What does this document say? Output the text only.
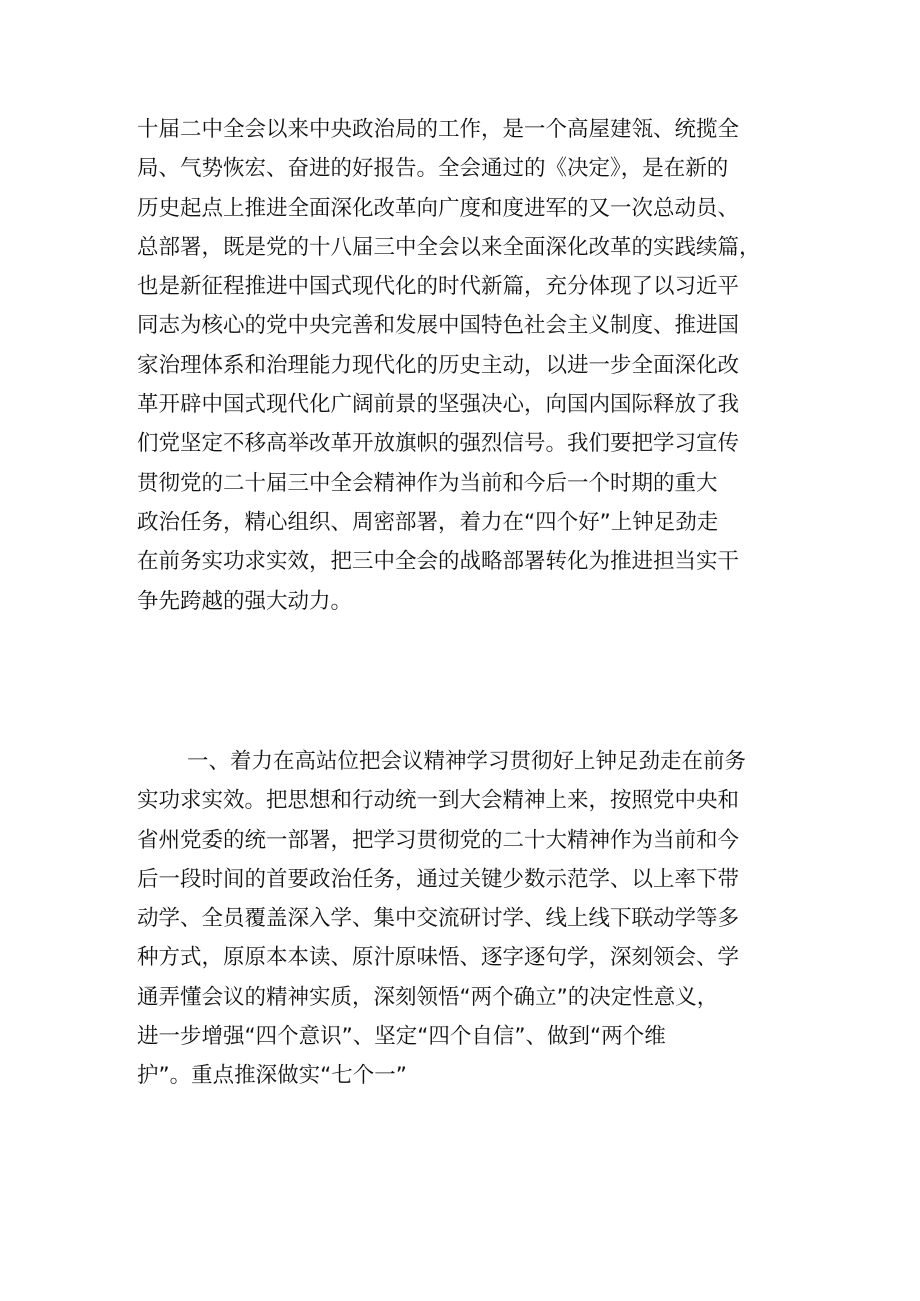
十届二中全会以来中央政治局的工作，是一个高屋建瓴、统揽全
局、气势恢宏、奋进的好报告。全会通过的《决定》，是在新的
历史起点上推进全面深化改革向广度和度进军的又一次总动员、
总部署，既是党的十八届三中全会以来全面深化改革的实践续篇，
也是新征程推进中国式现代化的时代新篇，充分体现了以习近平
同志为核心的党中央完善和发展中国特色社会主义制度、推进国
家治理体系和治理能力现代化的历史主动，以进一步全面深化改
革开辟中国式现代化广阔前景的坚强决心，向国内国际释放了我
们党坚定不移高举改革开放旗帜的强烈信号。我们要把学习宣传
贯彻党的二十届三中全会精神作为当前和今后一个时期的重大
政治任务，精心组织、周密部署，着力在“四个好”上钟足劲走
在前务实功求实效，把三中全会的战略部署转化为推进担当实干
争先跨越的强大动力。
一、着力在高站位把会议精神学习贯彻好上钟足劲走在前务
实功求实效。把思想和行动统一到大会精神上来，按照党中央和
省州党委的统一部署，把学习贯彻党的二十大精神作为当前和今
后一段时间的首要政治任务，通过关键少数示范学、以上率下带
动学、全员覆盖深入学、集中交流研讨学、线上线下联动学等多
种方式，原原本本读、原汁原味悟、逐字逐句学，深刻领会、学
通弄懂会议的精神实质，深刻领悟“两个确立”的决定性意义，
进一步增强“四个意识”、坚定“四个自信”、做到“两个维
护”。重点推深做实“七个一”
